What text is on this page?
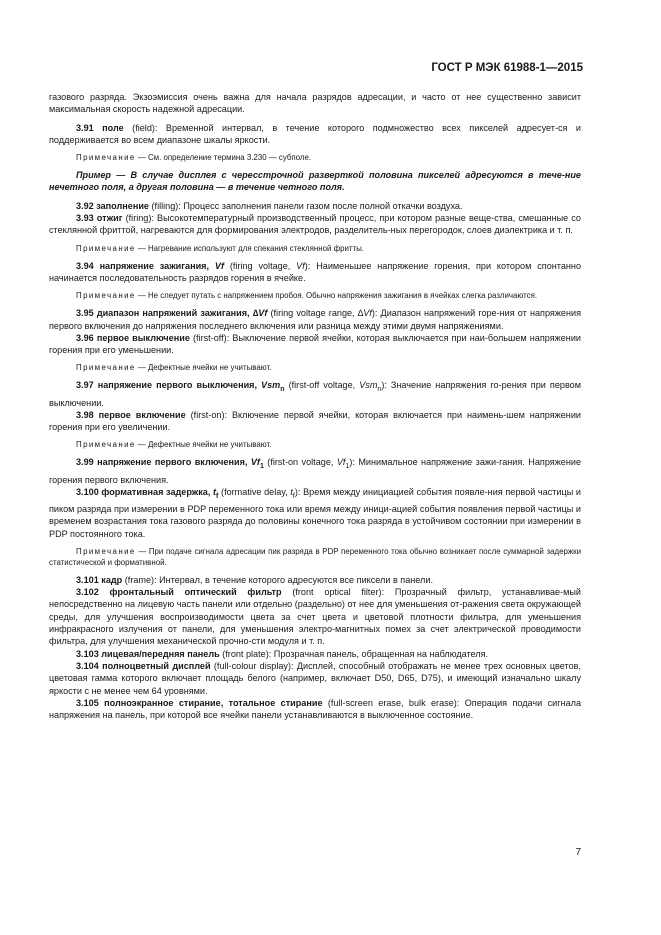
ГОСТ Р МЭК 61988-1—2015

газового разряда. Экзоэмиссия очень важна для начала разрядов адресации, и часто от нее существенно зависит максимальная скорость надежной адресации.

3.91 поле (field): Временной интервал, в течение которого подмножество всех пикселей адресует-ся и поддерживается во всем диапазоне шкалы яркости.

Примечание — См. определение термина 3.230 — субполе.

Пример — В случае дисплея с чересстрочной разверткой половина пикселей адресуются в тече-ние нечетного поля, а другая половина — в течение четного поля.

3.92 заполнение (filling): Процесс заполнения панели газом после полной откачки воздуха.

3.93 отжиг (firing): Высокотемпературный производственный процесс, при котором разные веще-ства, смешанные со стеклянной фриттой, нагреваются для формирования электродов, разделитель-ных перегородок, слоев диэлектрика и т. п.

Примечание — Нагревание используют для спекания стеклянной фритты.

3.94 напряжение зажигания, Vf (firing voltage, Vf): Наименьшее напряжение горения, при котором спонтанно начинается последовательность разрядов горения в ячейке.

Примечание — Не следует путать с напряжением пробоя. Обычно напряжения зажигания в ячейках слегка различаются.

3.95 диапазон напряжений зажигания, ∆Vf (firing voltage range, ∆Vf): Диапазон напряжений горе-ния от напряжения первого включения до напряжения последнего включения или разница между этими двумя напряжениями.

3.96 первое выключение (first-off): Выключение первой ячейки, которая выключается при наи-большем напряжении горения при его уменьшении.

Примечание — Дефектные ячейки не учитывают.

3.97 напряжение первого выключения, Vsm$_n$ (first-off voltage, Vsm$_n$): Значение напряжения го-рения при первом выключении.

3.98 первое включение (first-on): Включение первой ячейки, которая включается при наимень-шем напряжении горения при его увеличении.

Примечание — Дефектные ячейки не учитывают.

3.99 напряжение первого включения, $Vf_1$ (first-on voltage, $Vf_1$): Минимальное напряжение зажи-гания. Напряжение горения первого включения.

3.100 формативная задержка, $t_f$ (formative delay, $t_f$): Время между инициацией события появле-ния первой частицы и пиком разряда при измерении в PDP переменного тока или время между иници-ацией события появления первой частицы и временем возрастания тока газового разряда до половины конечного тока разряда в устойчивом состоянии при измерении в PDP постоянного тока.

Примечание — При подаче сигнала адресации пик разряда в PDP переменного тока обычно возникает после суммарной задержки статистической и формативной.

3.101 кадр (frame): Интервал, в течение которого адресуются все пиксели в панели.

3.102 фронтальный оптический фильтр (front optical filter): Прозрачный фильтр, устанавливае-мый непосредственно на лицевую часть панели или отдельно (раздельно) от нее для уменьшения от-ражения света окружающей среды, для улучшения воспроизводимости цвета за счет цвета и цветовой плотности фильтра, для уменьшения инфракрасного излучения от панели, для уменьшения электро-магнитных помех за счет электрической проводимости фильтра, для улучшения механической прочно-сти модуля и т. п.

3.103 лицевая/передняя панель (front plate): Прозрачная панель, обращенная на наблюдателя.

3.104 полноцветный дисплей (full-colour display): Дисплей, способный отображать не менее трех основных цветов, цветовая гамма которого включает площадь белого (например, включает D50, D65, D75), и имеющий изначально шкалу яркости с не менее чем 64 уровнями.

3.105 полноэкранное стирание, тотальное стирание (full-screen erase, bulk erase): Операция подачи сигнала напряжения на панель, при которой все ячейки панели устанавливаются в выключенное состояние.

7
